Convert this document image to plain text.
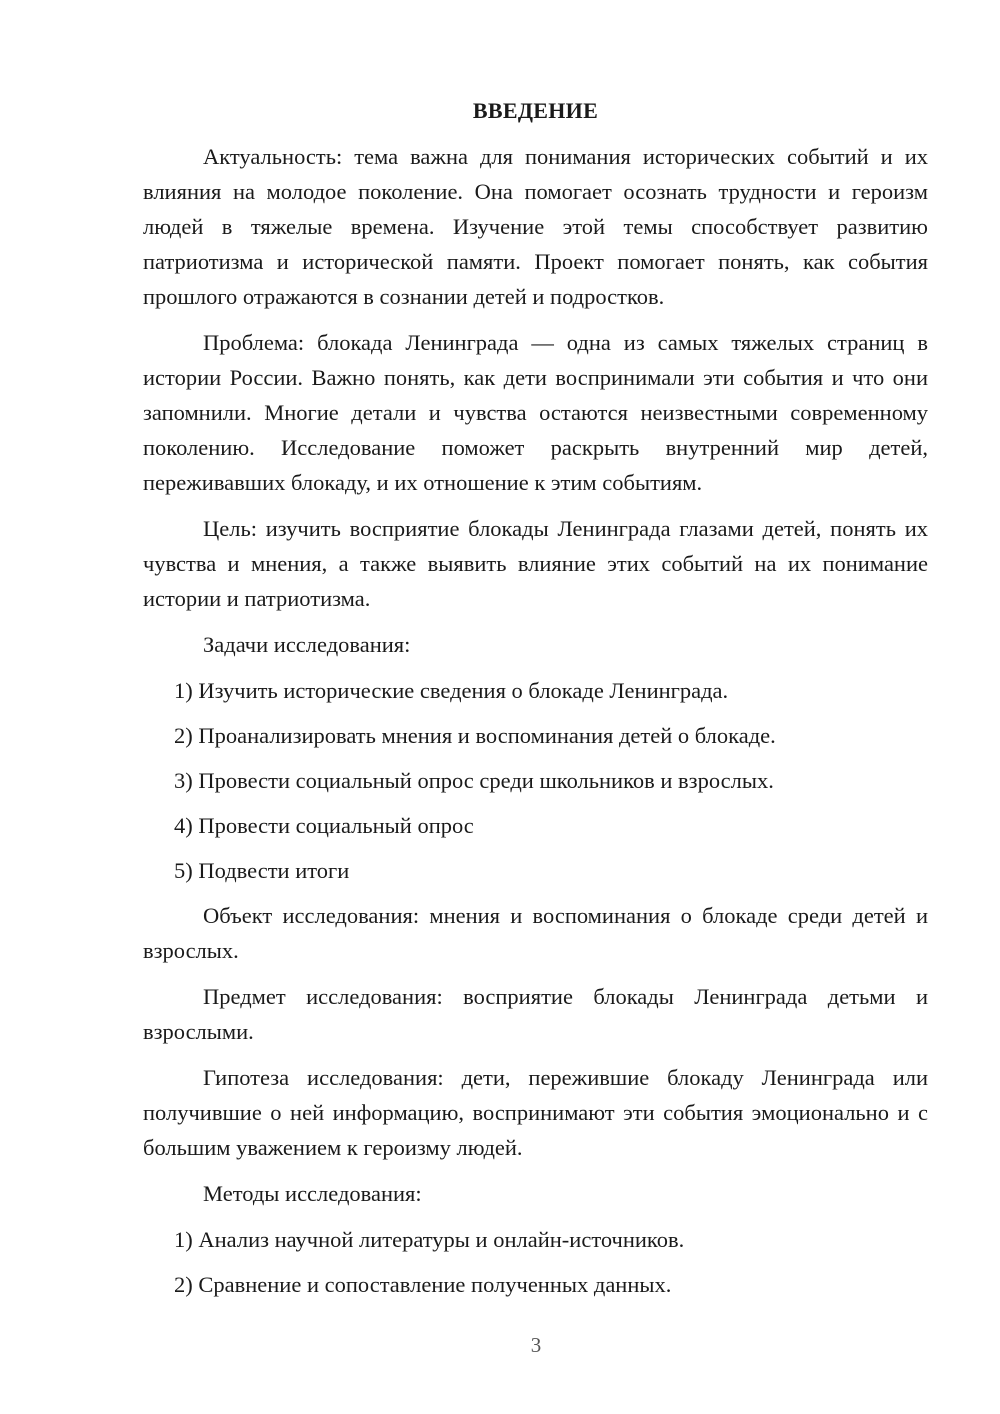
ВВЕДЕНИЕ

Актуальность: тема важна для понимания исторических событий и их влияния на молодое поколение. Она помогает осознать трудности и героизм людей в тяжелые времена. Изучение этой темы способствует развитию патриотизма и исторической памяти. Проект помогает понять, как события прошлого отражаются в сознании детей и подростков.

Проблема: блокада Ленинграда — одна из самых тяжелых страниц в истории России. Важно понять, как дети воспринимали эти события и что они запомнили. Многие детали и чувства остаются неизвестными современному поколению. Исследование поможет раскрыть внутренний мир детей, переживавших блокаду, и их отношение к этим событиям.

Цель: изучить восприятие блокады Ленинграда глазами детей, понять их чувства и мнения, а также выявить влияние этих событий на их понимание истории и патриотизма.

Задачи исследования:

1) Изучить исторические сведения о блокаде Ленинграда.
2) Проанализировать мнения и воспоминания детей о блокаде.
3) Провести социальный опрос среди школьников и взрослых.
4) Провести социальный опрос
5) Подвести итоги

Объект исследования: мнения и воспоминания о блокаде среди детей и взрослых.

Предмет исследования: восприятие блокады Ленинграда детьми и взрослыми.

Гипотеза исследования: дети, пережившие блокаду Ленинграда или получившие о ней информацию, воспринимают эти события эмоционально и с большим уважением к героизму людей.

Методы исследования:

1) Анализ научной литературы и онлайн-источников.
2) Сравнение и сопоставление полученных данных.
3
